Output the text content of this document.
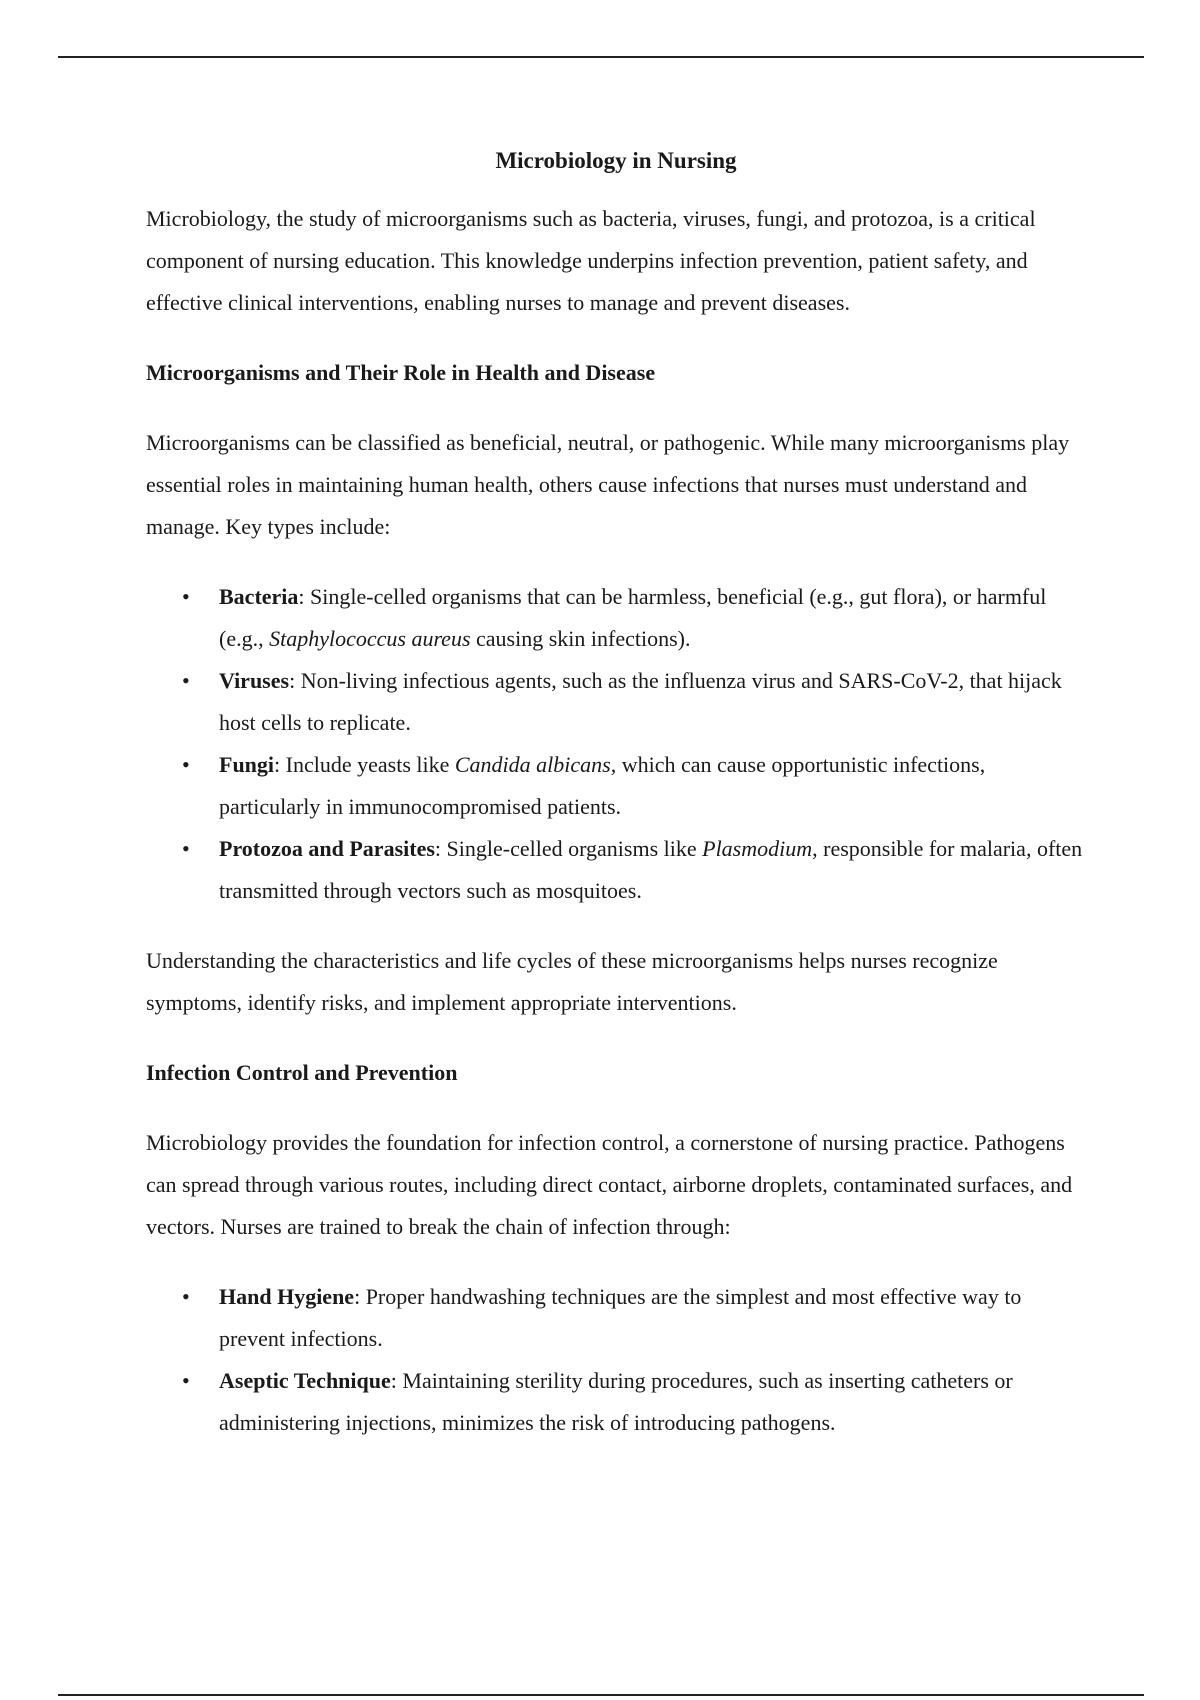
Microbiology in Nursing

Microbiology, the study of microorganisms such as bacteria, viruses, fungi, and protozoa, is a critical component of nursing education. This knowledge underpins infection prevention, patient safety, and effective clinical interventions, enabling nurses to manage and prevent diseases.

Microorganisms and Their Role in Health and Disease

Microorganisms can be classified as beneficial, neutral, or pathogenic. While many microorganisms play essential roles in maintaining human health, others cause infections that nurses must understand and manage. Key types include:

• Bacteria: Single-celled organisms that can be harmless, beneficial (e.g., gut flora), or harmful (e.g., Staphylococcus aureus causing skin infections).
• Viruses: Non-living infectious agents, such as the influenza virus and SARS-CoV-2, that hijack host cells to replicate.
• Fungi: Include yeasts like Candida albicans, which can cause opportunistic infections, particularly in immunocompromised patients.
• Protozoa and Parasites: Single-celled organisms like Plasmodium, responsible for malaria, often transmitted through vectors such as mosquitoes.

Understanding the characteristics and life cycles of these microorganisms helps nurses recognize symptoms, identify risks, and implement appropriate interventions.

Infection Control and Prevention

Microbiology provides the foundation for infection control, a cornerstone of nursing practice. Pathogens can spread through various routes, including direct contact, airborne droplets, contaminated surfaces, and vectors. Nurses are trained to break the chain of infection through:

• Hand Hygiene: Proper handwashing techniques are the simplest and most effective way to prevent infections.
• Aseptic Technique: Maintaining sterility during procedures, such as inserting catheters or administering injections, minimizes the risk of introducing pathogens.
